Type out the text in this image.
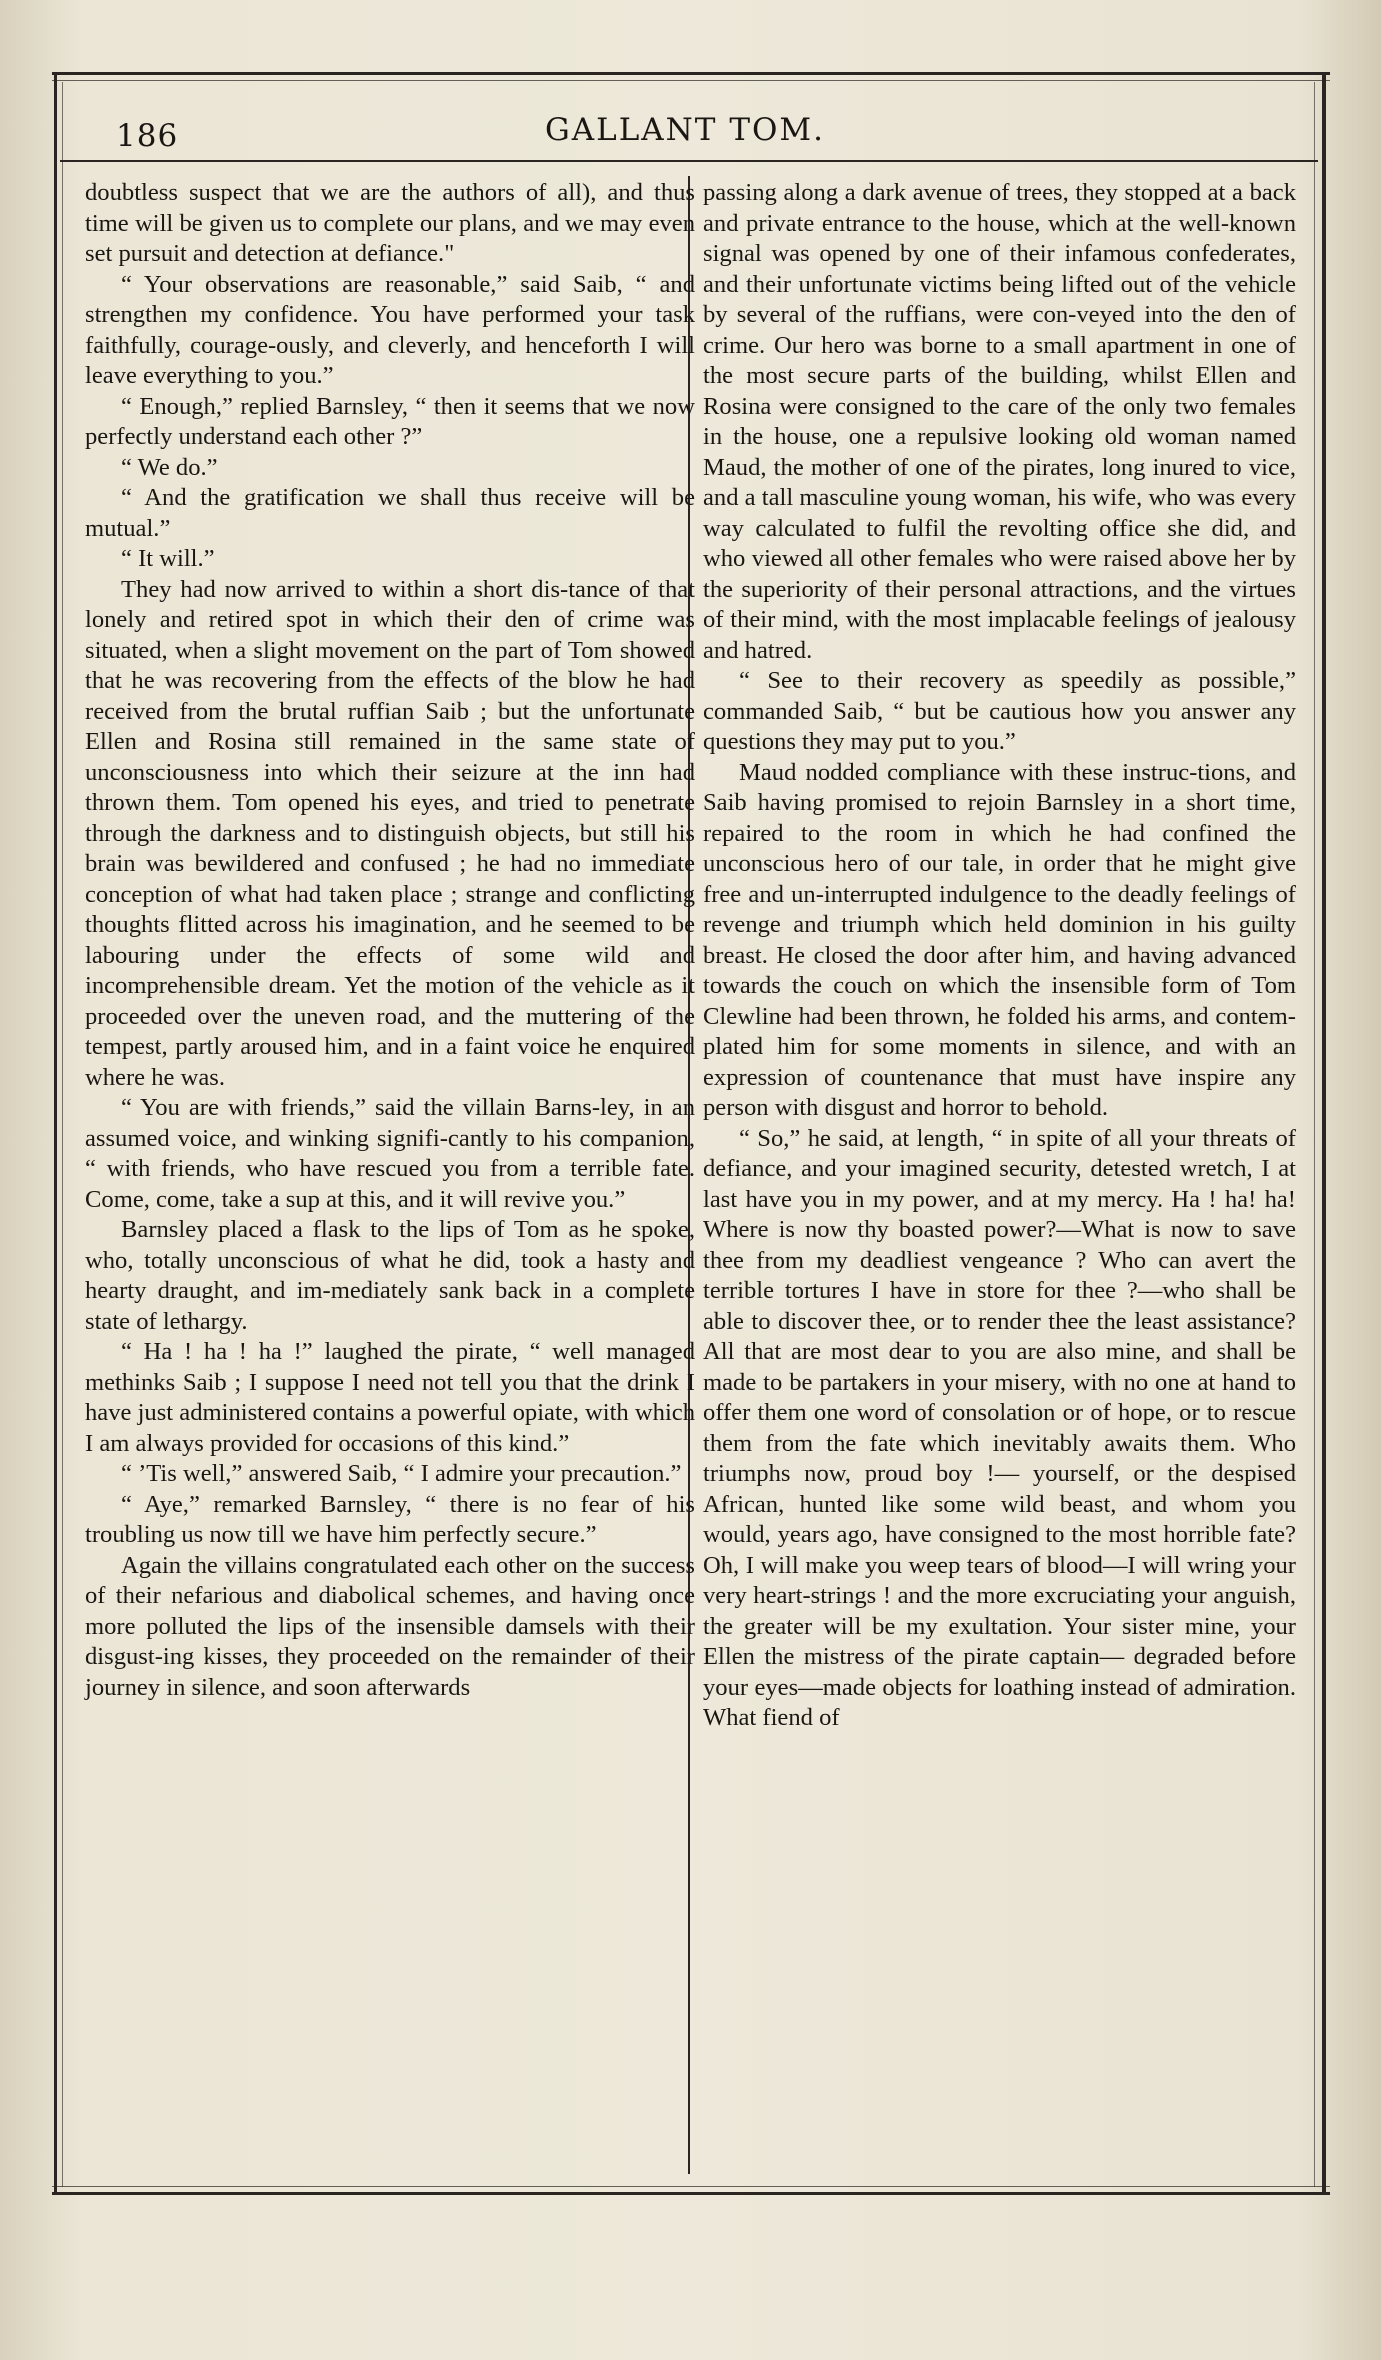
186	GALLANT TOM.

doubtless suspect that we are the authors of all), and thus time will be given us to complete our plans, and we may even set pursuit and detection at defiance."

“ Your observations are reasonable,” said Saib, “ and strengthen my confidence. You have performed your task faithfully, courage-ously, and cleverly, and henceforth I will leave everything to you.”

“ Enough,” replied Barnsley, “ then it seems that we now perfectly understand each other ?”

“ We do.”

“ And the gratification we shall thus receive will be mutual.”

“ It will.”

They had now arrived to within a short dis-tance of that lonely and retired spot in which their den of crime was situated, when a slight movement on the part of Tom showed that he was recovering from the effects of the blow he had received from the brutal ruffian Saib ; but the unfortunate Ellen and Rosina still remained in the same state of unconsciousness into which their seizure at the inn had thrown them. Tom opened his eyes, and tried to penetrate through the darkness and to distinguish objects, but still his brain was bewildered and confused ; he had no immediate conception of what had taken place ; strange and conflicting thoughts flitted across his imagination, and he seemed to be labouring under the effects of some wild and incomprehensible dream. Yet the motion of the vehicle as it proceeded over the uneven road, and the muttering of the tempest, partly aroused him, and in a faint voice he enquired where he was.

“ You are with friends,” said the villain Barns-ley, in an assumed voice, and winking signifi-cantly to his companion, “ with friends, who have rescued you from a terrible fate. Come, come, take a sup at this, and it will revive you.”

Barnsley placed a flask to the lips of Tom as he spoke, who, totally unconscious of what he did, took a hasty and hearty draught, and im-mediately sank back in a complete state of lethargy.

“ Ha ! ha ! ha !” laughed the pirate, “ well managed methinks Saib ; I suppose I need not tell you that the drink I have just administered contains a powerful opiate, with which I am always provided for occasions of this kind.”

“ ’Tis well,” answered Saib, “ I admire your precaution.”

“ Aye,” remarked Barnsley, “ there is no fear of his troubling us now till we have him perfectly secure.”

Again the villains congratulated each other on the success of their nefarious and diabolical schemes, and having once more polluted the lips of the insensible damsels with their disgust-ing kisses, they proceeded on the remainder of their journey in silence, and soon afterwards

passing along a dark avenue of trees, they stopped at a back and private entrance to the house, which at the well-known signal was opened by one of their infamous confederates, and their unfortunate victims being lifted out of the vehicle by several of the ruffians, were con-veyed into the den of crime. Our hero was borne to a small apartment in one of the most secure parts of the building, whilst Ellen and Rosina were consigned to the care of the only two females in the house, one a repulsive looking old woman named Maud, the mother of one of the pirates, long inured to vice, and a tall masculine young woman, his wife, who was every way calculated to fulfil the revolting office she did, and who viewed all other females who were raised above her by the superiority of their personal attractions, and the virtues of their mind, with the most implacable feelings of jealousy and hatred.

“ See to their recovery as speedily as possible,” commanded Saib, “ but be cautious how you answer any questions they may put to you.”

Maud nodded compliance with these instruc-tions, and Saib having promised to rejoin Barnsley in a short time, repaired to the room in which he had confined the unconscious hero of our tale, in order that he might give free and un-interrupted indulgence to the deadly feelings of revenge and triumph which held dominion in his guilty breast. He closed the door after him, and having advanced towards the couch on which the insensible form of Tom Clewline had been thrown, he folded his arms, and contem-plated him for some moments in silence, and with an expression of countenance that must have inspire any person with disgust and horror to behold.

“ So,” he said, at length, “ in spite of all your threats of defiance, and your imagined security, detested wretch, I at last have you in my power, and at my mercy. Ha ! ha! ha! Where is now thy boasted power?—What is now to save thee from my deadliest vengeance ? Who can avert the terrible tortures I have in store for thee ?—who shall be able to discover thee, or to render thee the least assistance? All that are most dear to you are also mine, and shall be made to be partakers in your misery, with no one at hand to offer them one word of consolation or of hope, or to rescue them from the fate which inevitably awaits them. Who triumphs now, proud boy !— yourself, or the despised African, hunted like some wild beast, and whom you would, years ago, have consigned to the most horrible fate? Oh, I will make you weep tears of blood—I will wring your very heart-strings ! and the more excruciating your anguish, the greater will be my exultation. Your sister mine, your Ellen the mistress of the pirate captain— degraded before your eyes—made objects for loathing instead of admiration. What fiend of
